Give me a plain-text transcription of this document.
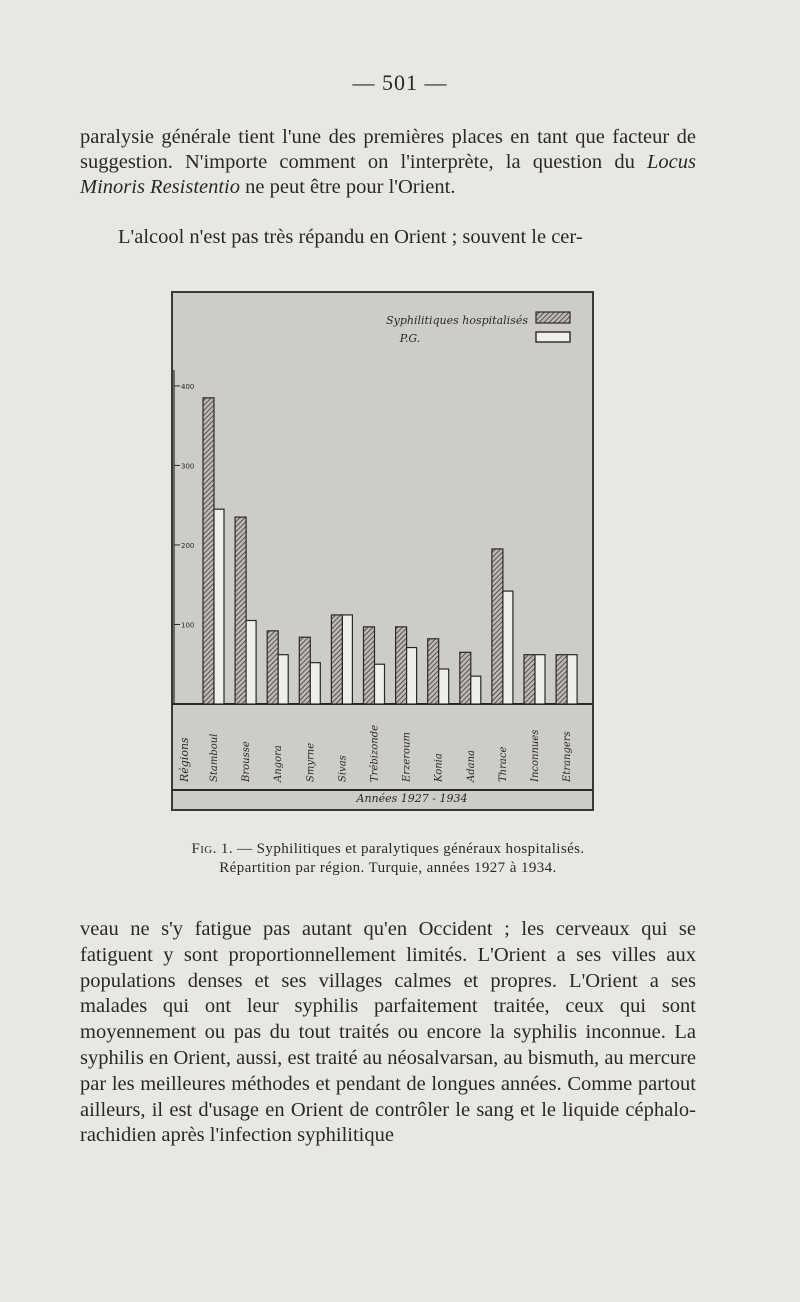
— 501 —

paralysie générale tient l'une des premières places en tant que facteur de suggestion. N'importe comment on l'interprète, la question du Locus Minoris Resistentio ne peut être pour l'Orient.

L'alcool n'est pas très répandu en Orient ; souvent le cer-

400
300
200
100
Stamboul Brousse Angora Smyrne Sivas Trébizonde Erzeroum Konia Adana Thrace Inconnues Etrangers
Syphilitiques hospitalisés
P.G.
Régions
Années 1927 - 1934
Fig. 1. — Syphilitiques et paralytiques généraux hospitalisés.
Répartition par région. Turquie, années 1927 à 1934.

veau ne s'y fatigue pas autant qu'en Occident ; les cerveaux qui se fatiguent y sont proportionnellement limités. L'Orient a ses villes aux populations denses et ses villages calmes et propres. L'Orient a ses malades qui ont leur syphilis parfaitement traitée, ceux qui sont moyennement ou pas du tout traités ou encore la syphilis inconnue. La syphilis en Orient, aussi, est traité au néosalvarsan, au bismuth, au mercure par les meilleures méthodes et pendant de longues années. Comme partout ailleurs, il est d'usage en Orient de contrôler le sang et le liquide céphalo-rachidien après l'infection syphilitique
